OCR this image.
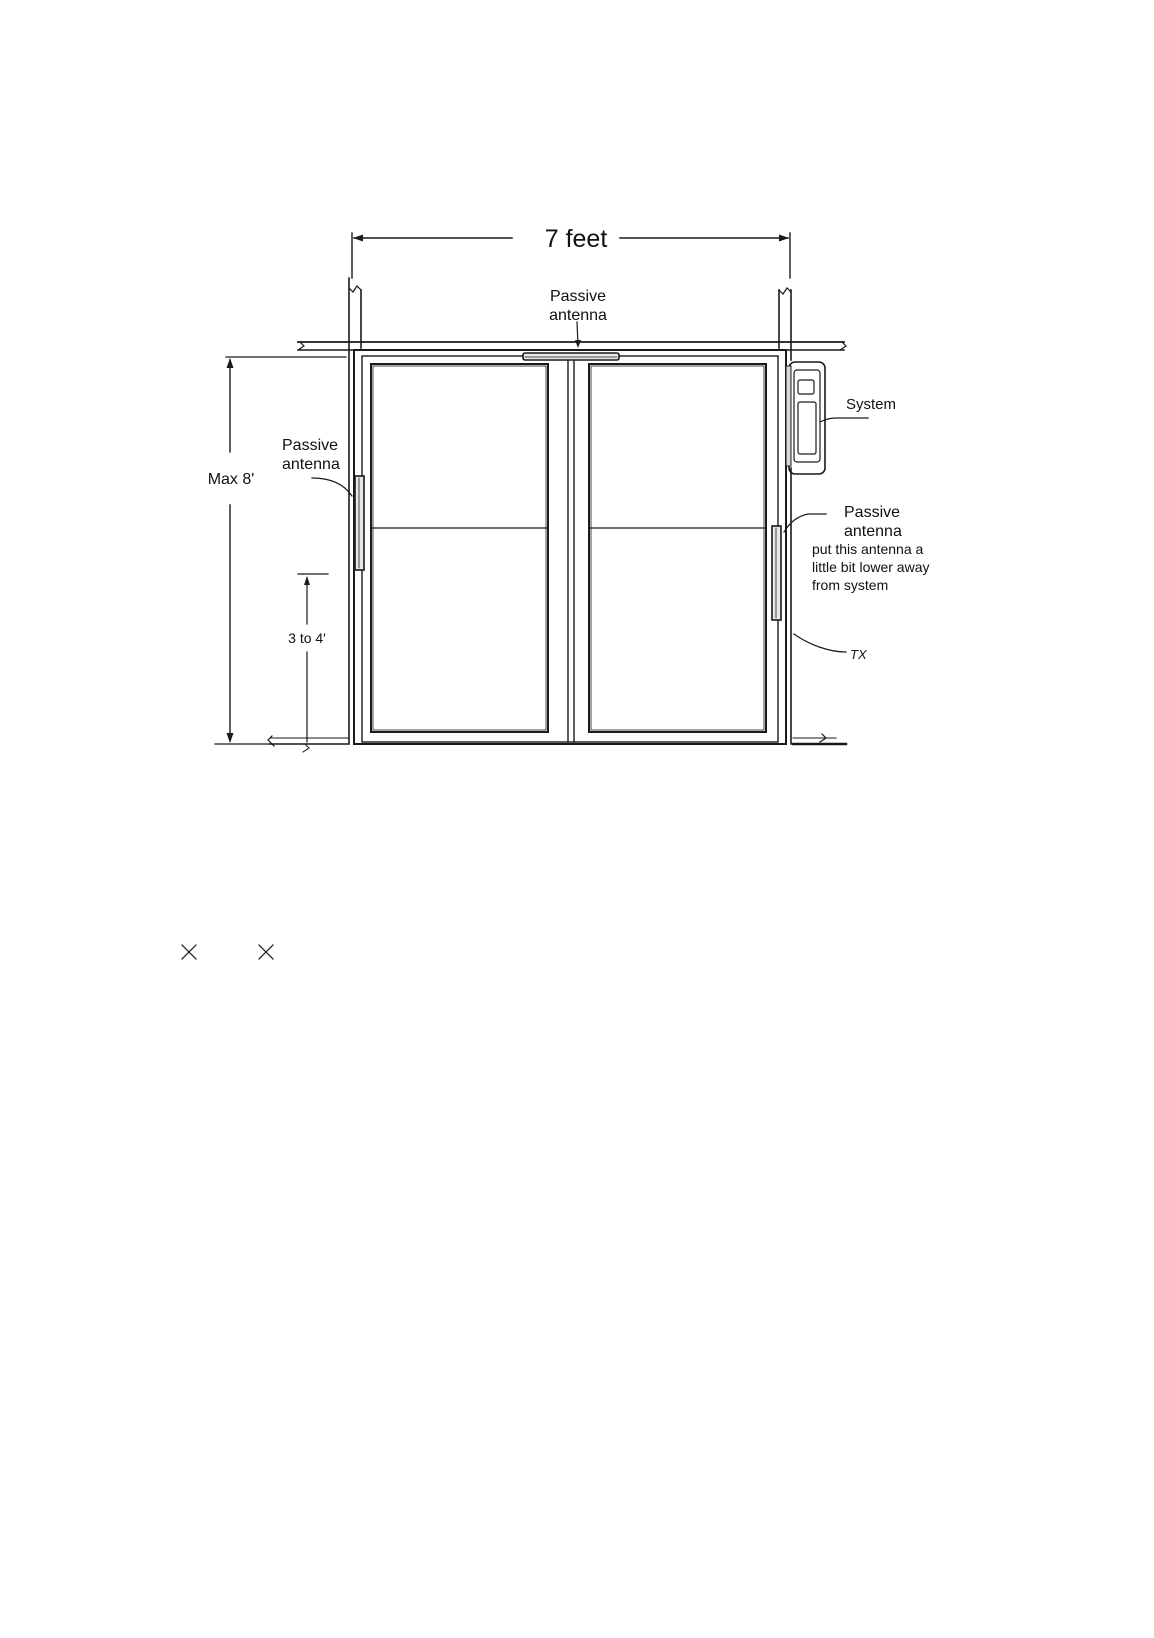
7 feet
Passive
antenna
Passive
antenna
Max 8'
3 to 4'
System
Passive
antenna
put this antenna a
little bit lower away
from system
TX
